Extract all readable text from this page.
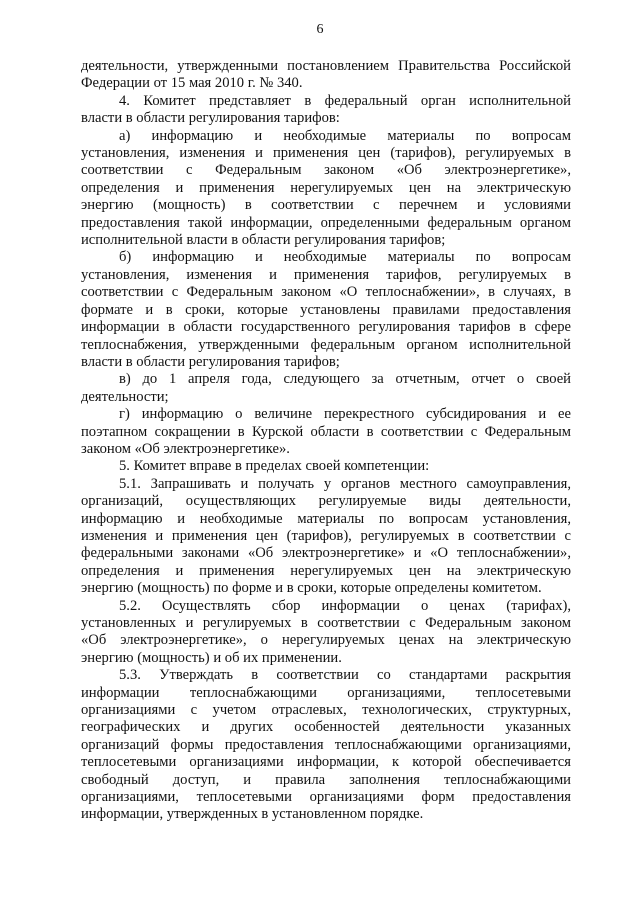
6
деятельности, утвержденными постановлением Правительства Российской
Федерации от 15 мая 2010 г. № 340.
4. Комитет представляет в федеральный орган исполнительной
власти в области регулирования тарифов:
а) информацию и необходимые материалы по вопросам
установления, изменения и применения цен (тарифов), регулируемых в
соответствии с Федеральным законом «Об электроэнергетике»,
определения и применения нерегулируемых цен на электрическую
энергию (мощность) в соответствии с перечнем и условиями
предоставления такой информации, определенными федеральным органом
исполнительной власти в области регулирования тарифов;
б) информацию и необходимые материалы по вопросам
установления, изменения и применения тарифов, регулируемых в
соответствии с Федеральным законом «О теплоснабжении», в случаях, в
формате и в сроки, которые установлены правилами предоставления
информации в области государственного регулирования тарифов в сфере
теплоснабжения, утвержденными федеральным органом исполнительной
власти в области регулирования тарифов;
в) до 1 апреля года, следующего за отчетным, отчет о своей
деятельности;
г) информацию о величине перекрестного субсидирования и ее
поэтапном сокращении в Курской области в соответствии с Федеральным
законом «Об электроэнергетике».
5. Комитет вправе в пределах своей компетенции:
5.1. Запрашивать и получать у органов местного самоуправления,
организаций, осуществляющих регулируемые виды деятельности,
информацию и необходимые материалы по вопросам установления,
изменения и применения цен (тарифов), регулируемых в соответствии с
федеральными законами «Об электроэнергетике» и «О теплоснабжении»,
определения и применения нерегулируемых цен на электрическую
энергию (мощность) по форме и в сроки, которые определены комитетом.
5.2. Осуществлять сбор информации о ценах (тарифах),
установленных и регулируемых в соответствии с Федеральным законом
«Об электроэнергетике», о нерегулируемых ценах на электрическую
энергию (мощность) и об их применении.
5.3. Утверждать в соответствии со стандартами раскрытия
информации теплоснабжающими организациями, теплосетевыми
организациями с учетом отраслевых, технологических, структурных,
географических и других особенностей деятельности указанных
организаций формы предоставления теплоснабжающими организациями,
теплосетевыми организациями информации, к которой обеспечивается
свободный доступ, и правила заполнения теплоснабжающими
организациями, теплосетевыми организациями форм предоставления
информации, утвержденных в установленном порядке.
